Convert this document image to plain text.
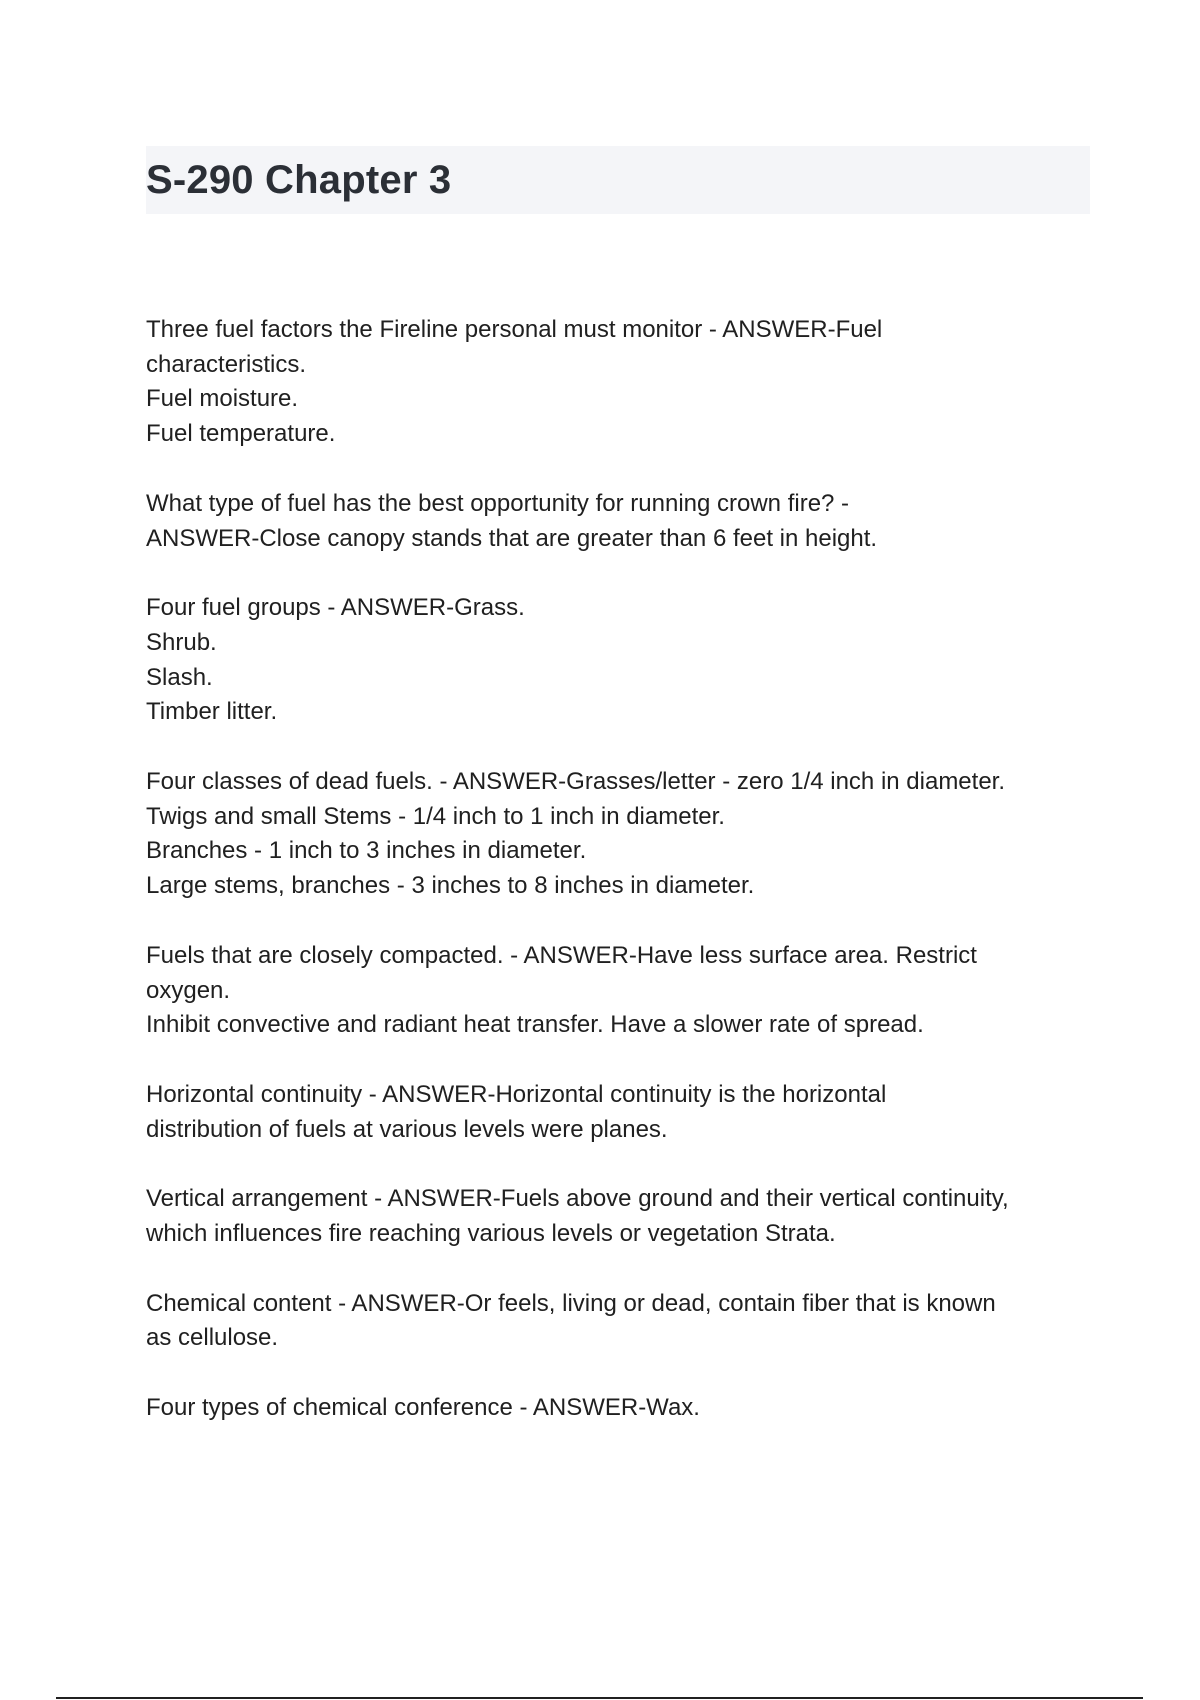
S-290 Chapter 3

Three fuel factors the Fireline personal must monitor - ANSWER-Fuel
characteristics.
Fuel moisture.
Fuel temperature.

What type of fuel has the best opportunity for running crown fire? -
ANSWER-Close canopy stands that are greater than 6 feet in height.

Four fuel groups - ANSWER-Grass.
Shrub.
Slash.
Timber litter.

Four classes of dead fuels. - ANSWER-Grasses/letter - zero 1/4 inch in diameter.
Twigs and small Stems - 1/4 inch to 1 inch in diameter.
Branches - 1 inch to 3 inches in diameter.
Large stems, branches - 3 inches to 8 inches in diameter.

Fuels that are closely compacted. - ANSWER-Have less surface area. Restrict
oxygen.
Inhibit convective and radiant heat transfer. Have a slower rate of spread.

Horizontal continuity - ANSWER-Horizontal continuity is the horizontal
distribution of fuels at various levels were planes.

Vertical arrangement - ANSWER-Fuels above ground and their vertical continuity,
which influences fire reaching various levels or vegetation Strata.

Chemical content - ANSWER-Or feels, living or dead, contain fiber that is known
as cellulose.

Four types of chemical conference - ANSWER-Wax.
